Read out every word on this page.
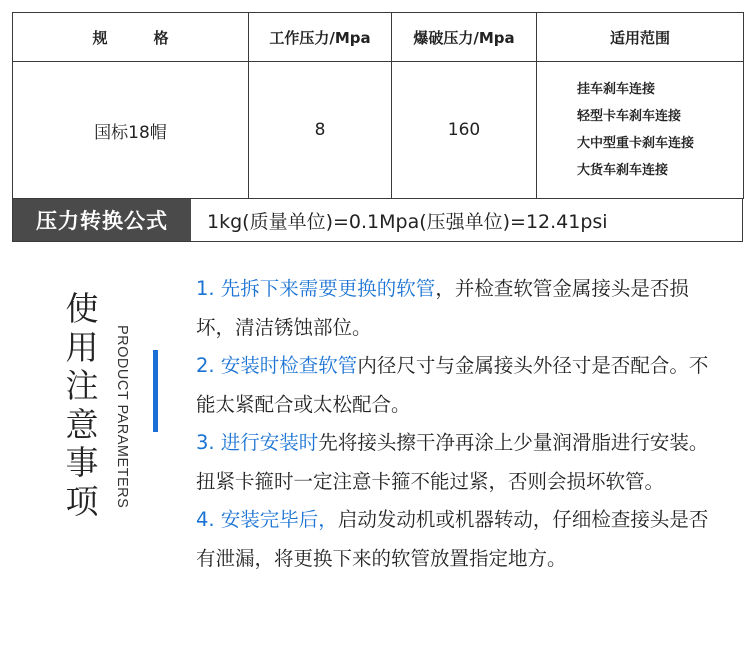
规 格	工作压力/Mpa	爆破压力/Mpa	适用范围
国标18帽	8	160	挂车刹车连接
轻型卡车刹车连接
大中型重卡刹车连接
大货车刹车连接
压力转换公式	1kg(质量单位)=0.1Mpa(压强单位)=12.41psi
使
用
注
意
事
项	PRODUCT PARAMETERS

1. 先拆下来需要更换的软管，并检查软管金属接头是否损坏，清洁锈蚀部位。

2. 安装时检查软管内径尺寸与金属接头外径寸是否配合。不能太紧配合或太松配合。

3. 进行安装时先将接头擦干净再涂上少量润滑脂进行安装。扭紧卡箍时一定注意卡箍不能过紧，否则会损坏软管。

4. 安装完毕后，启动发动机或机器转动，仔细检查接头是否有泄漏，将更换下来的软管放置指定地方。
